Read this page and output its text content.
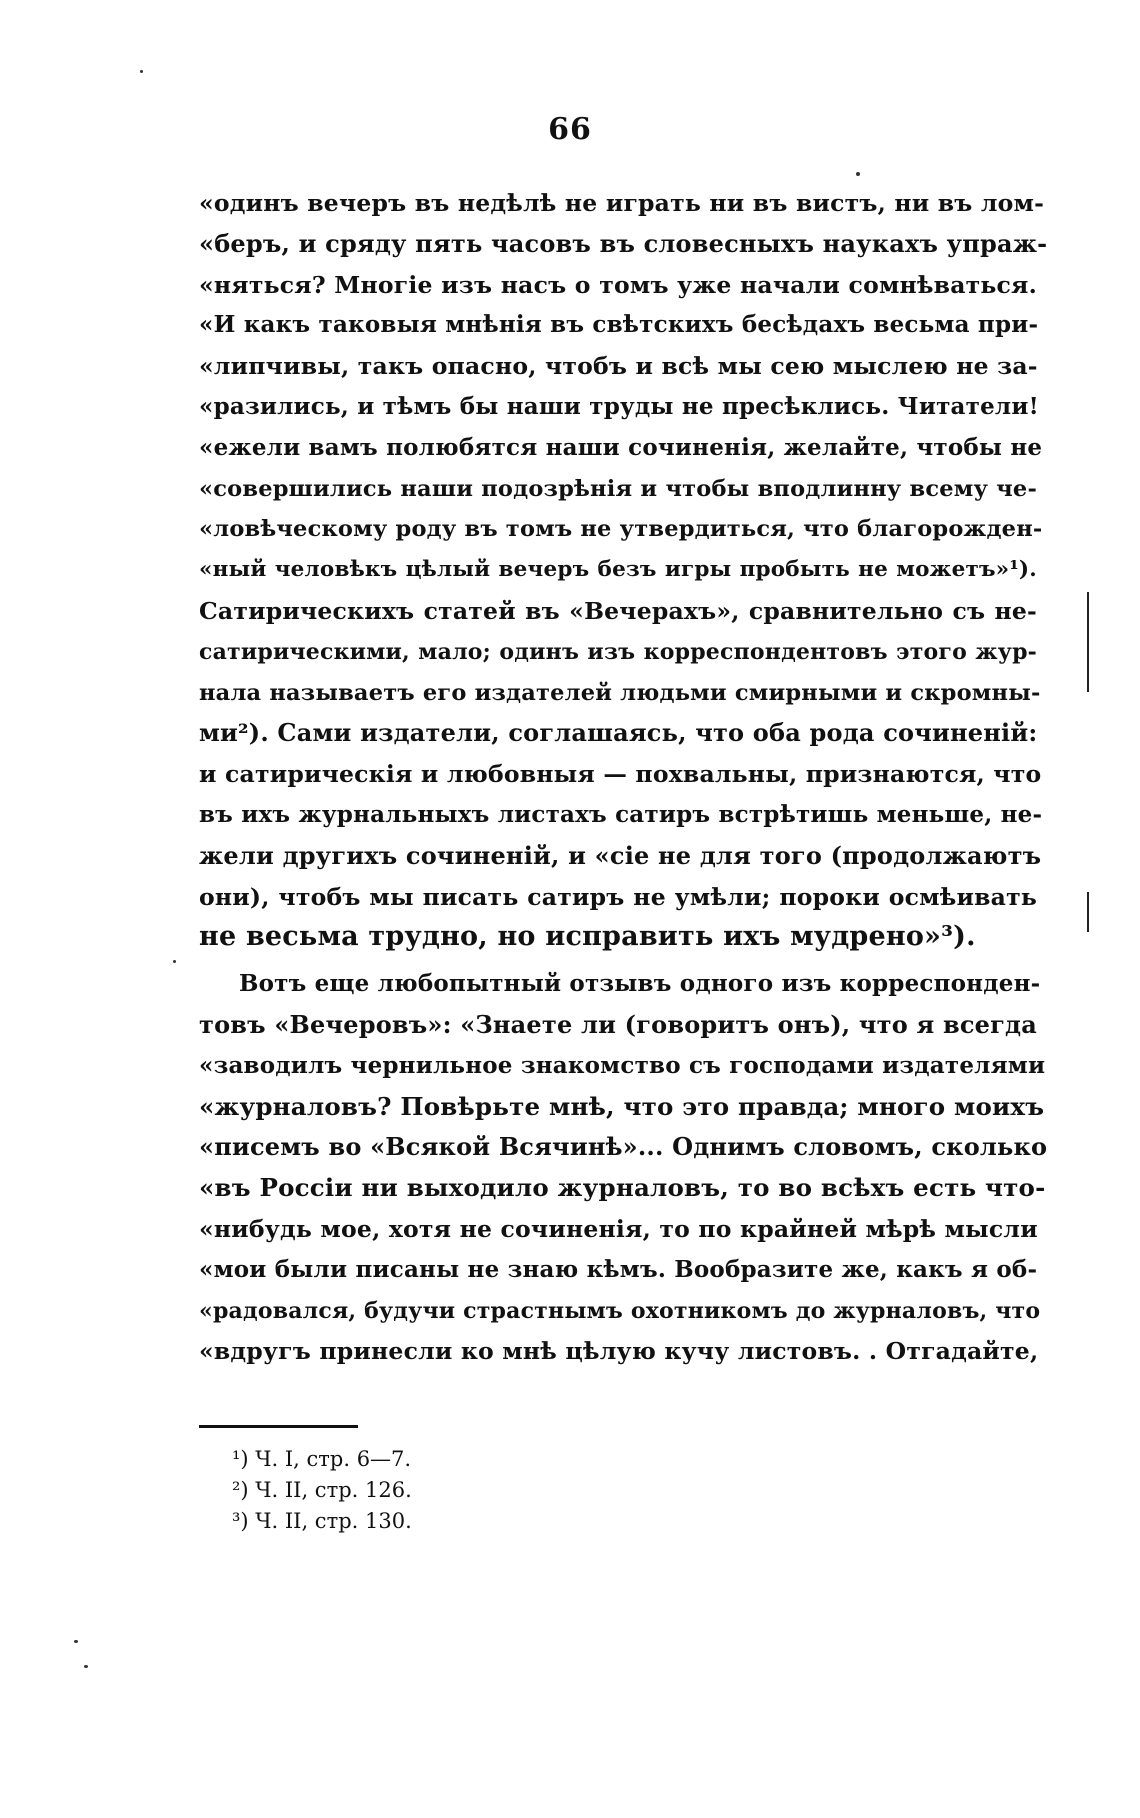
66
«одинъ вечеръ въ недѣлѣ не играть ни въ вистъ, ни въ лом-
«беръ, и сряду пять часовъ въ словесныхъ наукахъ упраж-
«няться? Многіе изъ насъ о томъ уже начали сомнѣваться.
«И какъ таковыя мнѣнія въ свѣтскихъ бесѣдахъ весьма при-
«липчивы, такъ опасно, чтобъ и всѣ мы сею мыслею не за-
«разились, и тѣмъ бы наши труды не пресѣклись. Читатели!
«ежели вамъ полюбятся наши сочиненія, желайте, чтобы не
«совершились наши подозрѣнія и чтобы вподлинну всему че-
«ловѣческому роду въ томъ не утвердиться, что благорожден-
«ный человѣкъ цѣлый вечеръ безъ игры пробыть не можетъ»¹).
Сатирическихъ статей въ «Вечерахъ», сравнительно съ не-
сатирическими, мало; одинъ изъ корреспондентовъ этого жур-
нала называетъ его издателей людьми смирными и скромны-
ми²). Сами издатели, соглашаясь, что оба рода сочиненій:
и сатирическія и любовныя — похвальны, признаются, что
въ ихъ журнальныхъ листахъ сатиръ встрѣтишь меньше, не-
жели другихъ сочиненій, и «сіе не для того (продолжаютъ
они), чтобъ мы писать сатиръ не умѣли; пороки осмѣивать
не весьма трудно, но исправить ихъ мудрено»³).
Вотъ еще любопытный отзывъ одного изъ корреспонден-
товъ «Вечеровъ»: «Знаете ли (говоритъ онъ), что я всегда
«заводилъ чернильное знакомство съ господами издателями
«журналовъ? Повѣрьте мнѣ, что это правда; много моихъ
«писемъ во «Всякой Всячинѣ»... Однимъ словомъ, сколько
«въ Россіи ни выходило журналовъ, то во всѣхъ есть что-
«нибудь мое, хотя не сочиненія, то по крайней мѣрѣ мысли
«мои были писаны не знаю кѣмъ. Вообразите же, какъ я об-
«радовался, будучи страстнымъ охотникомъ до журналовъ, что
«вдругъ принесли ко мнѣ цѣлую кучу листовъ. . Отгадайте,
¹) Ч. I, стр. 6—7.
²) Ч. II, стр. 126.
³) Ч. II, стр. 130.
